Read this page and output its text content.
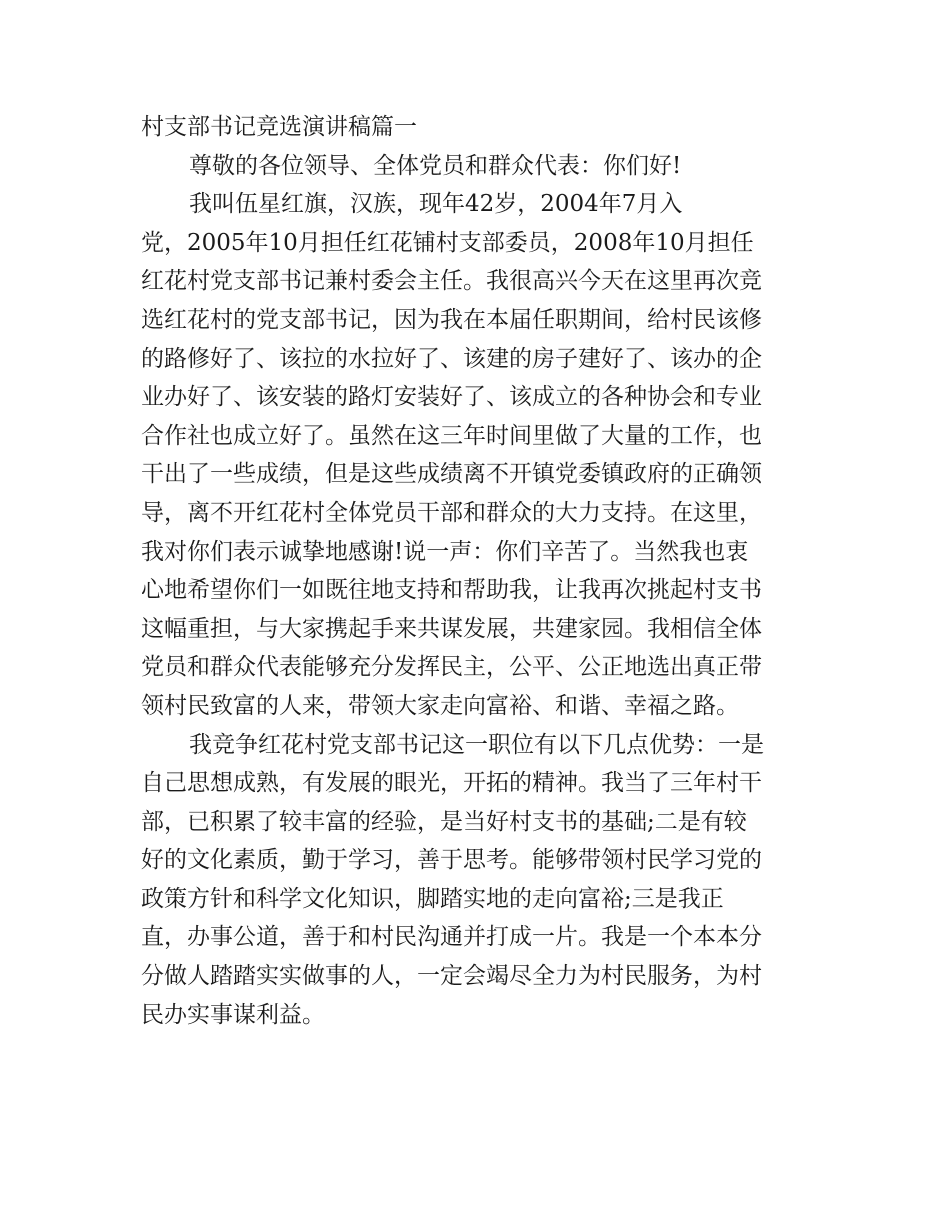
村支部书记竞选演讲稿篇一
尊敬的各位领导、全体党员和群众代表：你们好!
我叫伍星红旗，汉族，现年42岁，2004年7月入
党，2005年10月担任红花铺村支部委员，2008年10月担任
红花村党支部书记兼村委会主任。我很高兴今天在这里再次竞
选红花村的党支部书记，因为我在本届任职期间，给村民该修
的路修好了、该拉的水拉好了、该建的房子建好了、该办的企
业办好了、该安装的路灯安装好了、该成立的各种协会和专业
合作社也成立好了。虽然在这三年时间里做了大量的工作，也
干出了一些成绩，但是这些成绩离不开镇党委镇政府的正确领
导，离不开红花村全体党员干部和群众的大力支持。在这里，
我对你们表示诚挚地感谢!说一声：你们辛苦了。当然我也衷
心地希望你们一如既往地支持和帮助我，让我再次挑起村支书
这幅重担，与大家携起手来共谋发展，共建家园。我相信全体
党员和群众代表能够充分发挥民主，公平、公正地选出真正带
领村民致富的人来，带领大家走向富裕、和谐、幸福之路。
我竞争红花村党支部书记这一职位有以下几点优势：一是
自己思想成熟，有发展的眼光，开拓的精神。我当了三年村干
部，已积累了较丰富的经验，是当好村支书的基础;二是有较
好的文化素质，勤于学习，善于思考。能够带领村民学习党的
政策方针和科学文化知识，脚踏实地的走向富裕;三是我正
直，办事公道，善于和村民沟通并打成一片。我是一个本本分
分做人踏踏实实做事的人，一定会竭尽全力为村民服务，为村
民办实事谋利益。
